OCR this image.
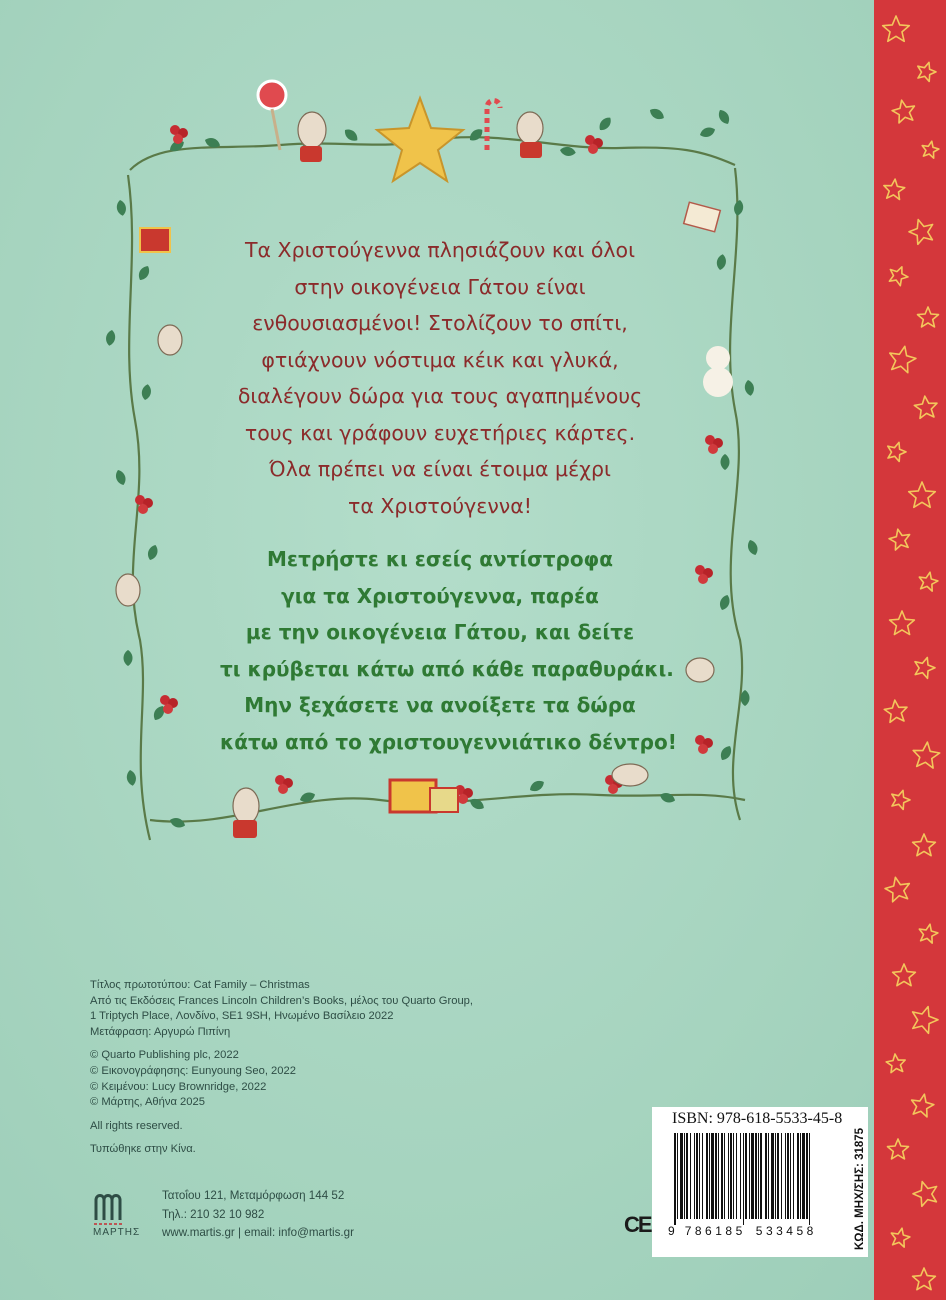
Τα Χριστούγεννα πλησιάζουν και όλοι
στην οικογένεια Γάτου είναι
ενθουσιασμένοι! Στολίζουν το σπίτι,
φτιάχνουν νόστιμα κέικ και γλυκά,
διαλέγουν δώρα για τους αγαπημένους
τους και γράφουν ευχετήριες κάρτες.
Όλα πρέπει να είναι έτοιμα μέχρι
τα Χριστούγεννα!
Μετρήστε κι εσείς αντίστροφα
για τα Χριστούγεννα, παρέα
με την οικογένεια Γάτου, και δείτε
τι κρύβεται κάτω από κάθε παραθυράκι.
Μην ξεχάσετε να ανοίξετε τα δώρα
κάτω από το χριστουγεννιάτικο δέντρο!
Τίτλος πρωτοτύπου: Cat Family – Christmas
Από τις Εκδόσεις Frances Lincoln Children’s Books, μέλος του Quarto Group,
1 Triptych Place, Λονδίνο, SE1 9SH, Ηνωμένο Βασίλειο 2022
Μετάφραση: Αργυρώ Πιπίνη
© Quarto Publishing plc, 2022
© Εικονογράφησης: Eunyoung Seo, 2022
© Κειμένου: Lucy Brownridge, 2022
© Μάρτης, Αθήνα 2025
All rights reserved.
Τυπώθηκε στην Κίνα.
ΜΑΡΤΗΣ
Τατοΐου 121, Μεταμόρφωση 144 52
Τηλ.: 210 32 10 982
www.martis.gr | email: info@martis.gr	CE
ISBN: 978-618-5533-45-8
9 786185 533458	ΚΩΔ. ΜΗΧ/ΣΗΣ: 31875
